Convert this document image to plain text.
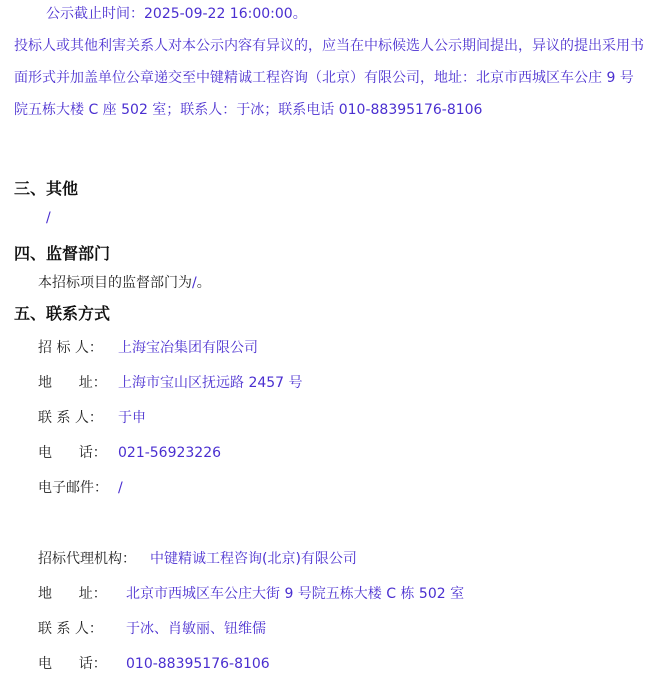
公示截止时间：2025-09-22 16:00:00。
投标人或其他利害关系人对本公示内容有异议的，应当在中标候选人公示期间提出，异议的提出采用书面形式并加盖单位公章递交至中键精诚工程咨询（北京）有限公司，地址：北京市西城区车公庄 9 号院五栋大楼 C 座 502 室；联系人：于冰；联系电话 010-88395176-8106
三、其他
/
四、监督部门
本招标项目的监督部门为/。
五、联系方式
招 标 人： 上海宝冶集团有限公司
地      址： 上海市宝山区抚远路 2457 号
联 系 人： 于申
电      话： 021-56923226
电子邮件： /
招标代理机构： 中键精诚工程咨询(北京)有限公司
地      址： 北京市西城区车公庄大街 9 号院五栋大楼 C 栋 502 室
联 系 人： 于冰、肖敏丽、钮维儒
电      话： 010-88395176-8106
